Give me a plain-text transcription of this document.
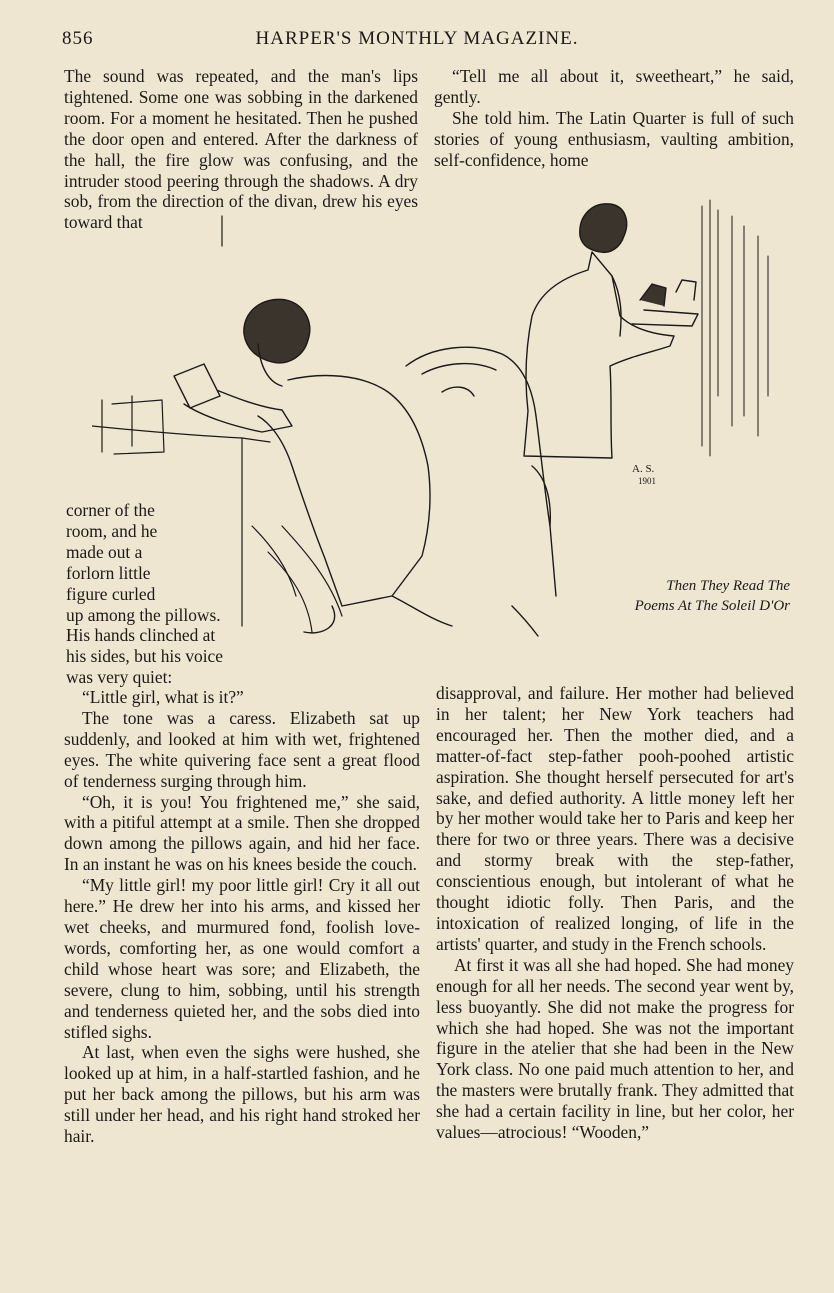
856	HARPER'S MONTHLY MAGAZINE.

The sound was repeated, and the man's lips tightened. Some one was sobbing in the darkened room. For a moment he hesitated. Then he pushed the door open and entered. After the darkness of the hall, the fire glow was confusing, and the intruder stood peering through the shadows. A dry sob, from the direction of the divan, drew his eyes toward that

A. S.
1901

corner of the

room, and he

made out a

forlorn little

figure curled

up among the pillows.

His hands clinched at

his sides, but his voice

was very quiet:

“Little girl, what is it?”

The tone was a caress. Elizabeth sat up suddenly, and looked at him with wet, frightened eyes. The white quivering face sent a great flood of tenderness surging through him.

“Oh, it is you! You frightened me,” she said, with a pitiful attempt at a smile. Then she dropped down among the pillows again, and hid her face. In an instant he was on his knees beside the couch.

“My little girl! my poor little girl! Cry it all out here.” He drew her into his arms, and kissed her wet cheeks, and murmured fond, foolish love-words, comforting her, as one would comfort a child whose heart was sore; and Elizabeth, the severe, clung to him, sobbing, until his strength and tenderness quieted her, and the sobs died into stifled sighs.

At last, when even the sighs were hushed, she looked up at him, in a half-startled fashion, and he put her back among the pillows, but his arm was still under her head, and his right hand stroked her hair.

“Tell me all about it, sweetheart,” he said, gently.

She told him. The Latin Quarter is full of such stories of young enthusiasm, vaulting ambition, self-confidence, home

Then They Read The
Poems At The Soleil D'Or

disapproval, and failure. Her mother had believed in her talent; her New York teachers had encouraged her. Then the mother died, and a matter-of-fact step-father pooh-poohed artistic aspiration. She thought herself persecuted for art's sake, and defied authority. A little money left her by her mother would take her to Paris and keep her there for two or three years. There was a decisive and stormy break with the step-father, conscientious enough, but intolerant of what he thought idiotic folly. Then Paris, and the intoxication of realized longing, of life in the artists' quarter, and study in the French schools.

At first it was all she had hoped. She had money enough for all her needs. The second year went by, less buoyantly. She did not make the progress for which she had hoped. She was not the important figure in the atelier that she had been in the New York class. No one paid much attention to her, and the masters were brutally frank. They admitted that she had a certain facility in line, but her color, her values—atrocious! “Wooden,”
